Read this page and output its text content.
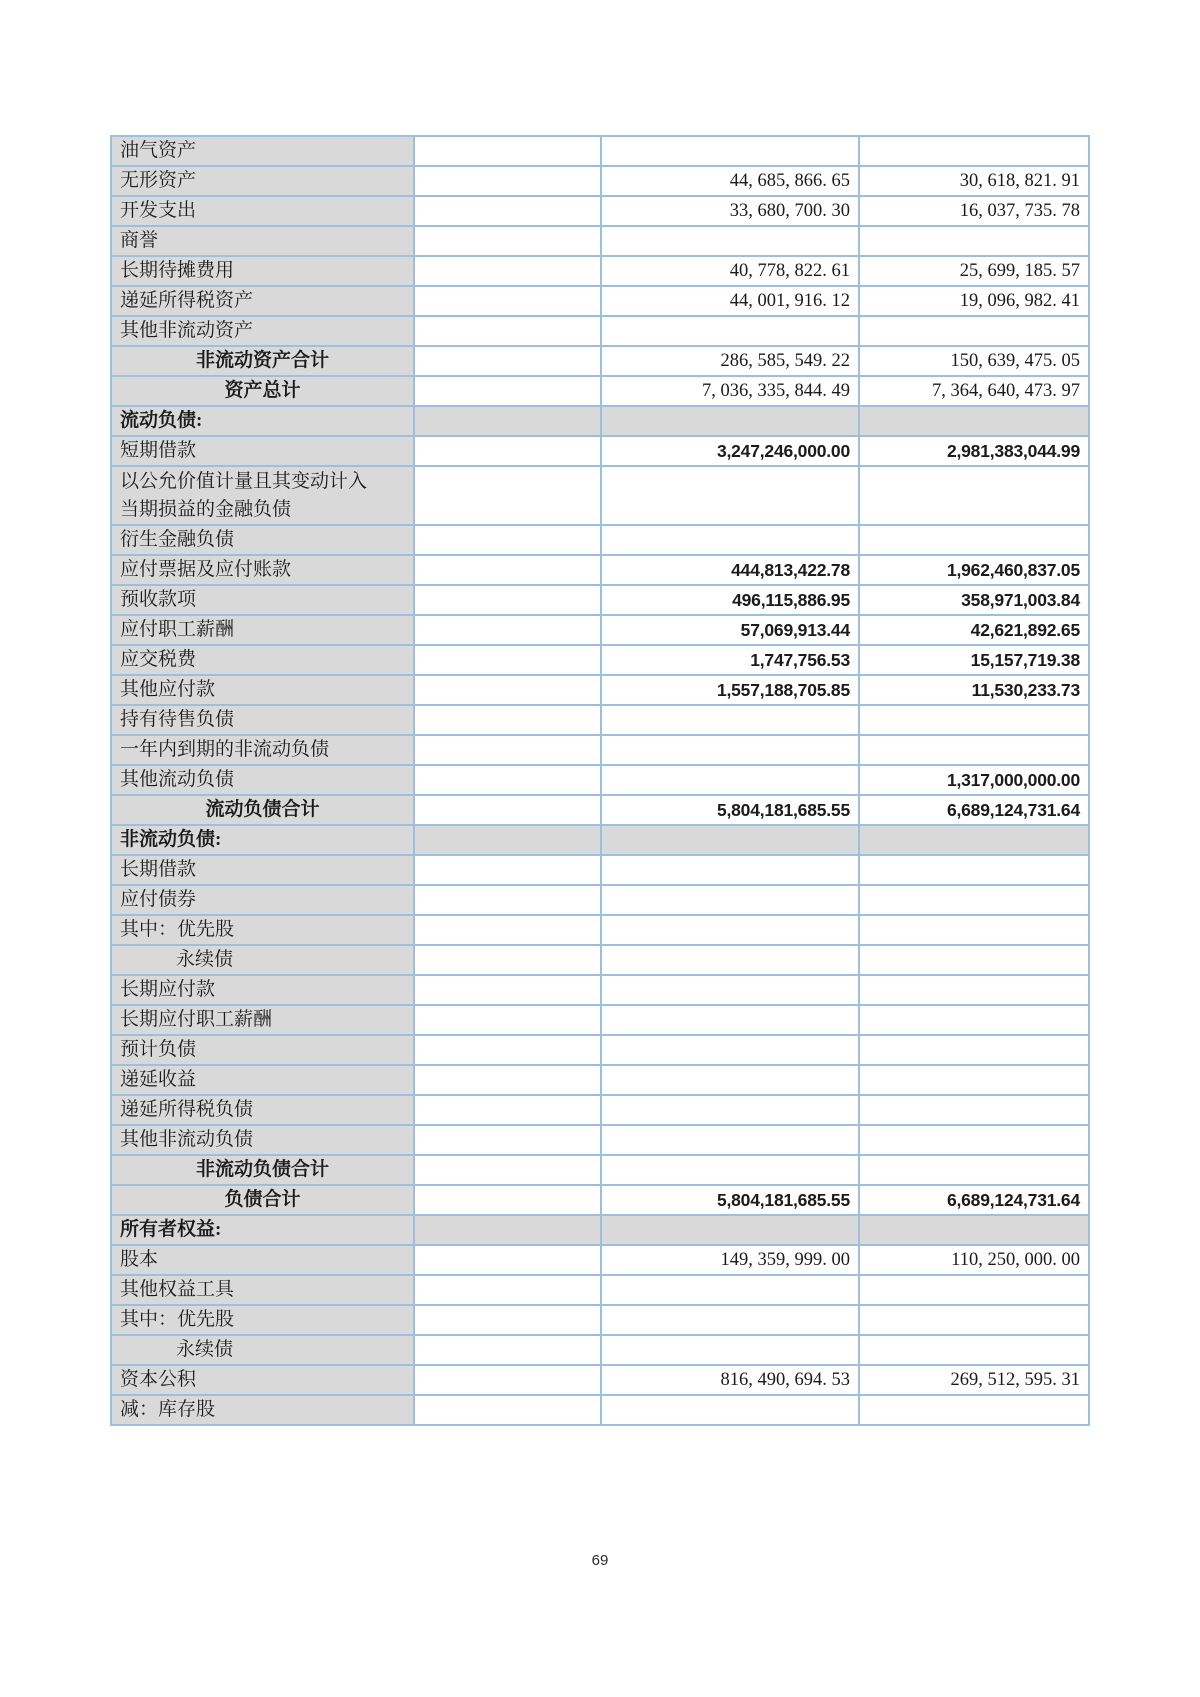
油气资产			
无形资产		44, 685, 866. 65	30, 618, 821. 91
开发支出		33, 680, 700. 30	16, 037, 735. 78
商誉			
长期待摊费用		40, 778, 822. 61	25, 699, 185. 57
递延所得税资产		44, 001, 916. 12	19, 096, 982. 41
其他非流动资产			
非流动资产合计		286, 585, 549. 22	150, 639, 475. 05
资产总计		7, 036, 335, 844. 49	7, 364, 640, 473. 97
流动负债:			
短期借款		3,247,246,000.00	2,981,383,044.99
以公允价值计量且其变动计入
当期损益的金融负债			
衍生金融负债			
应付票据及应付账款		444,813,422.78	1,962,460,837.05
预收款项		496,115,886.95	358,971,003.84
应付职工薪酬		57,069,913.44	42,621,892.65
应交税费		1,747,756.53	15,157,719.38
其他应付款		1,557,188,705.85	11,530,233.73
持有待售负债			
一年内到期的非流动负债			
其他流动负债			1,317,000,000.00
流动负债合计		5,804,181,685.55	6,689,124,731.64
非流动负债:			
长期借款			
应付债券			
其中：优先股			
永续债			
长期应付款			
长期应付职工薪酬			
预计负债			
递延收益			
递延所得税负债			
其他非流动负债			
非流动负债合计			
负债合计		5,804,181,685.55	6,689,124,731.64
所有者权益:			
股本		149, 359, 999. 00	110, 250, 000. 00
其他权益工具			
其中：优先股			
永续债			
资本公积		816, 490, 694. 53	269, 512, 595. 31
减：库存股			
69
